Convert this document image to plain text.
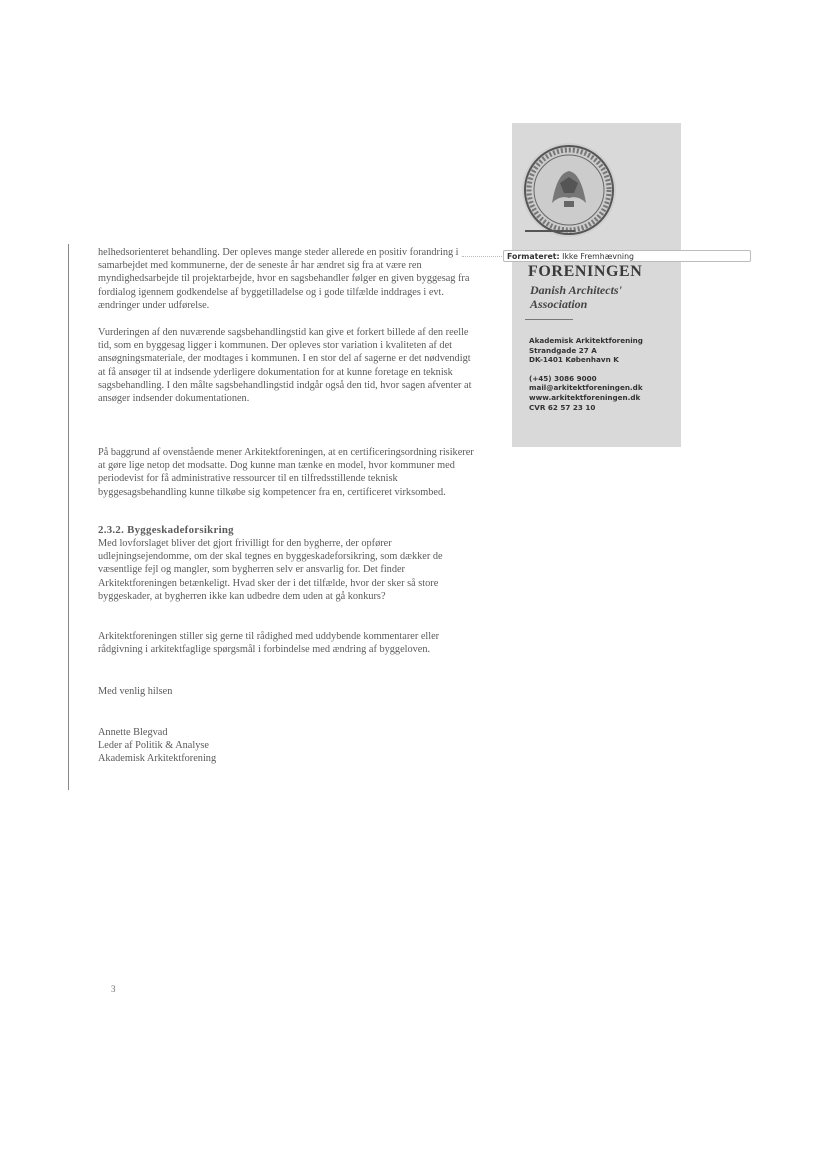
helhedsorienteret behandling. Der opleves mange steder allerede en positiv forandring i samarbejdet med kommunerne, der de seneste år har ændret sig fra at være ren myndighedsarbejde til projektarbejde, hvor en sagsbehandler følger en given byggesag fra fordialog igennem godkendelse af byggetilladelse og i gode tilfælde inddrages i evt. ændringer under udførelse.

Vurderingen af den nuværende sagsbehandlingstid kan give et forkert billede af den reelle tid, som en byggesag ligger i kommunen. Der opleves stor variation i kvaliteten af det ansøgningsmateriale, der modtages i kommunen. I en stor del af sagerne er det nødvendigt at få ansøger til at indsende yderligere dokumentation for at kunne foretage en teknisk sagsbehandling. I den målte sagsbehandlingstid indgår også den tid, hvor sagen afventer at ansøger indsender dokumentationen.

På baggrund af ovenstående mener Arkitektforeningen, at en certificeringsordning risikerer at gøre lige netop det modsatte. Dog kunne man tænke en model, hvor kommuner med periodevist for få administrative ressourcer til en tilfredsstillende teknisk byggesagsbehandling kunne tilkøbe sig kompetencer fra en, certificeret virksombed.

2.3.2. Byggeskadeforsikring

Med lovforslaget bliver det gjort frivilligt for den bygherre, der opfører udlejningsejendomme, om der skal tegnes en byggeskadeforsikring, som dækker de væsentlige fejl og mangler, som bygherren selv er ansvarlig for. Det finder Arkitektforeningen betænkeligt. Hvad sker der i det tilfælde, hvor der sker så store byggeskader, at bygherren ikke kan udbedre dem uden at gå konkurs?

Arkitektforeningen stiller sig gerne til rådighed med uddybende kommentarer eller rådgivning i arkitektfaglige spørgsmål i forbindelse med ændring af byggeloven.

Med venlig hilsen

Annette Blegvad
Leder af Politik & Analyse
Akademisk Arkitektforening
3
FORENINGEN
Danish Architects'
Association
Akademisk Arkitektforening
Strandgade 27 A
DK-1401 København K
(+45) 3086 9000
mail@arkitektforeningen.dk
www.arkitektforeningen.dk
CVR 62 57 23 10
Formateret: Ikke Fremhævning
